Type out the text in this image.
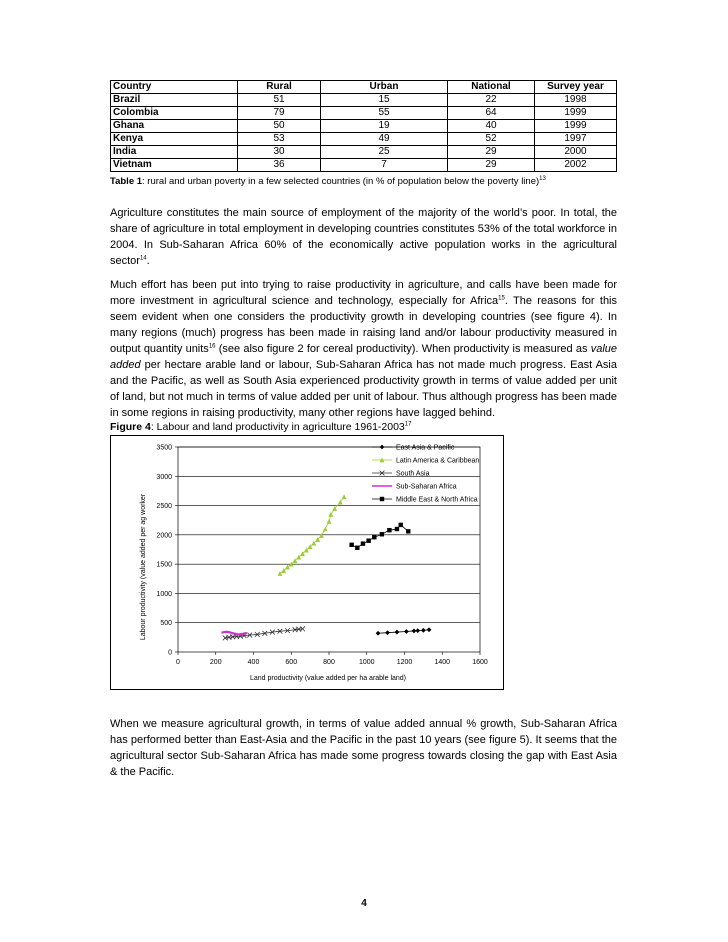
Country	Rural	Urban	National	Survey year
Brazil	51	15	22	1998
Colombia	79	55	64	1999
Ghana	50	19	40	1999
Kenya	53	49	52	1997
India	30	25	29	2000
Vietnam	36	7	29	2002
Table 1: rural and urban poverty in a few selected countries (in % of population below the poverty line)$^{13}$

Agriculture constitutes the main source of employment of the majority of the world’s poor. In total, the share of agriculture in total employment in developing countries constitutes 53% of the total workforce in 2004. In Sub-Saharan Africa 60% of the economically active population works in the agricultural sector$^{14}$.

Much effort has been put into trying to raise productivity in agriculture, and calls have been made for more investment in agricultural science and technology, especially for Africa$^{15}$. The reasons for this seem evident when one considers the productivity growth in developing countries (see figure 4). In many regions (much) progress has been made in raising land and/or labour productivity measured in output quantity units$^{16}$ (see also figure 2 for cereal productivity). When productivity is measured as value added per hectare arable land or labour, Sub-Saharan Africa has not made much progress. East Asia and the Pacific, as well as South Asia experienced productivity growth in terms of value added per unit of land, but not much in terms of value added per unit of labour. Thus although progress has been made in some regions in raising productivity, many other regions have lagged behind.

Figure 4: Labour and land productivity in agriculture 1961-2003$^{17}$
0
500
1000
1500
2000
2500
3000
3500
0	200	400	600	800	1000	1200	1400	1600
East Asia & Pacific
Latin America & Caribbean
South Asia
Sub-Saharan Africa
Middle East & North Africa
Land productivity (value added per ha arable land)
Labour productivity (value added per ag worker

When we measure agricultural growth, in terms of value added annual % growth, Sub-Saharan Africa has performed better than East-Asia and the Pacific in the past 10 years (see figure 5). It seems that the agricultural sector Sub-Saharan Africa has made some progress towards closing the gap with East Asia & the Pacific.

4
